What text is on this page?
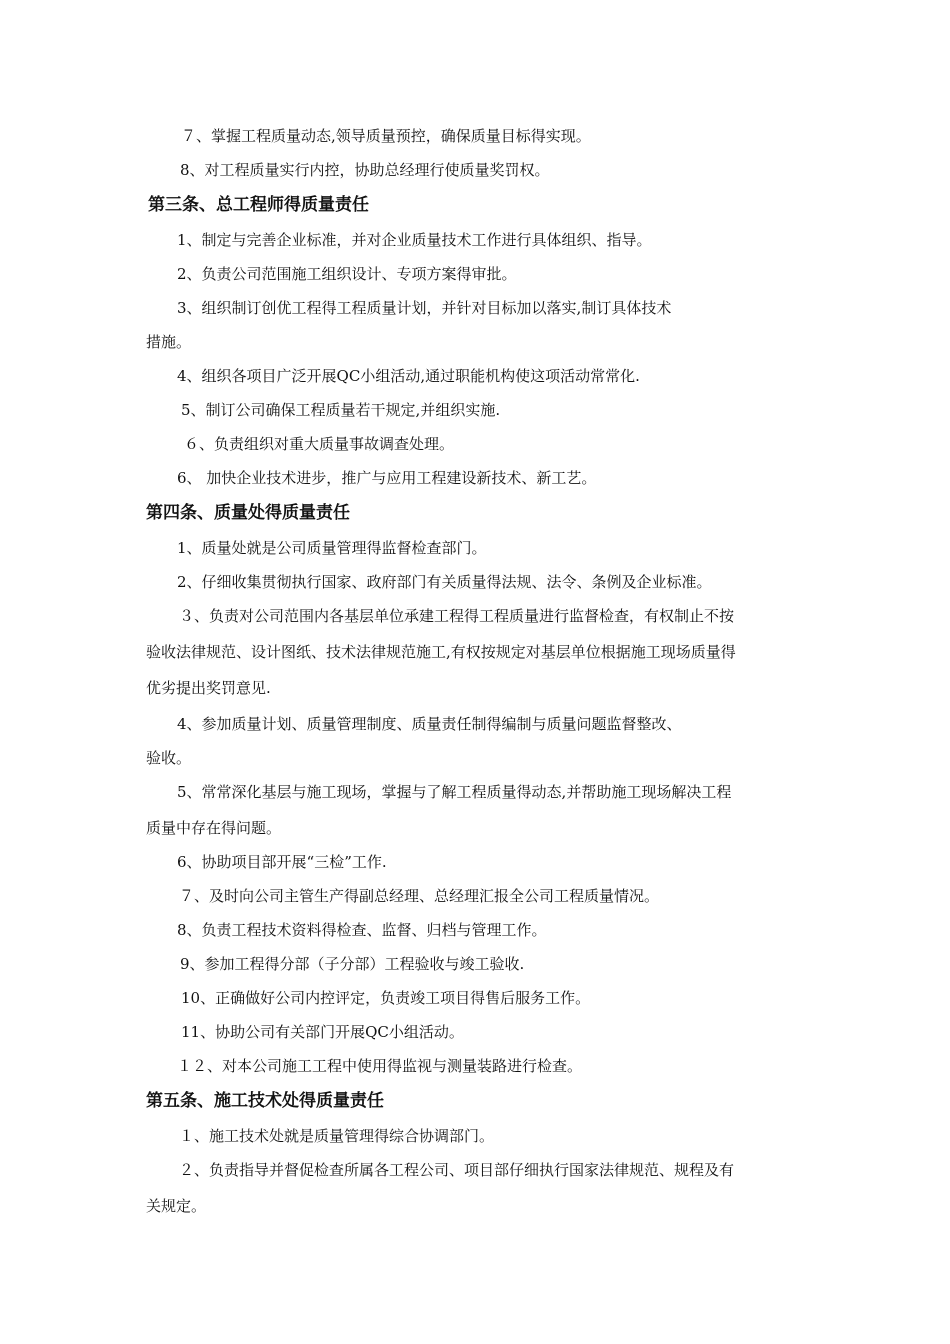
７、掌握工程质量动态,领导质量预控，确保质量目标得实现。
8、对工程质量实行内控，协助总经理行使质量奖罚权。
第三条、总工程师得质量责任
1、制定与完善企业标准，并对企业质量技术工作进行具体组织、指导。
2、负责公司范围施工组织设计、专项方案得审批。
3、组织制订创优工程得工程质量计划，并针对目标加以落实,制订具体技术
措施。
4、组织各项目广泛开展QC小组活动,通过职能机构使这项活动常常化.
5、制订公司确保工程质量若干规定,并组织实施.
６、负责组织对重大质量事故调查处理。
6、 加快企业技术进步，推广与应用工程建设新技术、新工艺。
第四条、质量处得质量责任
1、质量处就是公司质量管理得监督检查部门。
2、仔细收集贯彻执行国家、政府部门有关质量得法规、法令、条例及企业标准。
３、负责对公司范围内各基层单位承建工程得工程质量进行监督检查，有权制止不按
验收法律规范、设计图纸、技术法律规范施工,有权按规定对基层单位根据施工现场质量得
优劣提出奖罚意见.
4、参加质量计划、质量管理制度、质量责任制得编制与质量问题监督整改、
验收。
5、常常深化基层与施工现场，掌握与了解工程质量得动态,并帮助施工现场解决工程
质量中存在得问题。
6、协助项目部开展“三检”工作.
７、及时向公司主管生产得副总经理、总经理汇报全公司工程质量情况。
8、负责工程技术资料得检查、监督、归档与管理工作。
9、参加工程得分部（子分部）工程验收与竣工验收.
10、正确做好公司内控评定，负责竣工项目得售后服务工作。
11、协助公司有关部门开展QC小组活动。
１２、对本公司施工工程中使用得监视与测量装路进行检查。
第五条、施工技术处得质量责任
１、施工技术处就是质量管理得综合协调部门。
２、负责指导并督促检查所属各工程公司、项目部仔细执行国家法律规范、规程及有
关规定。
